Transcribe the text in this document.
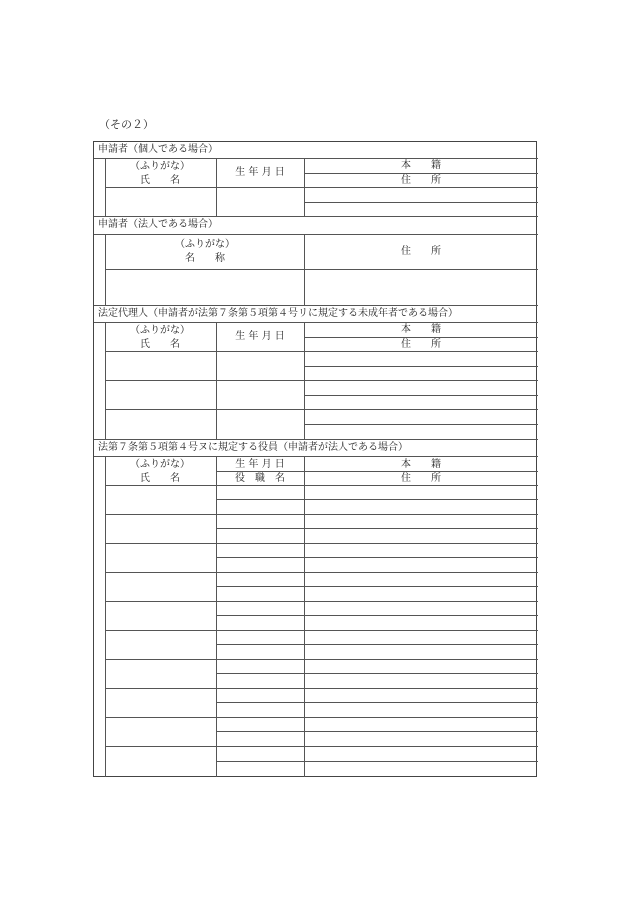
（その２）
申請者（個人である場合）
（ふりがな）
氏　　名
生 年 月 日
本　　籍
住　　所
申請者（法人である場合）
（ふりがな）
名　　称
住　　所
法定代理人（申請者が法第７条第５項第４号リに規定する未成年者である場合）
（ふりがな）
氏　　名
生 年 月 日
本　　籍
住　　所
法第７条第５項第４号ヌに規定する役員（申請者が法人である場合）
（ふりがな）
氏　　名
生 年 月 日
役　職　名
本　　籍
住　　所
